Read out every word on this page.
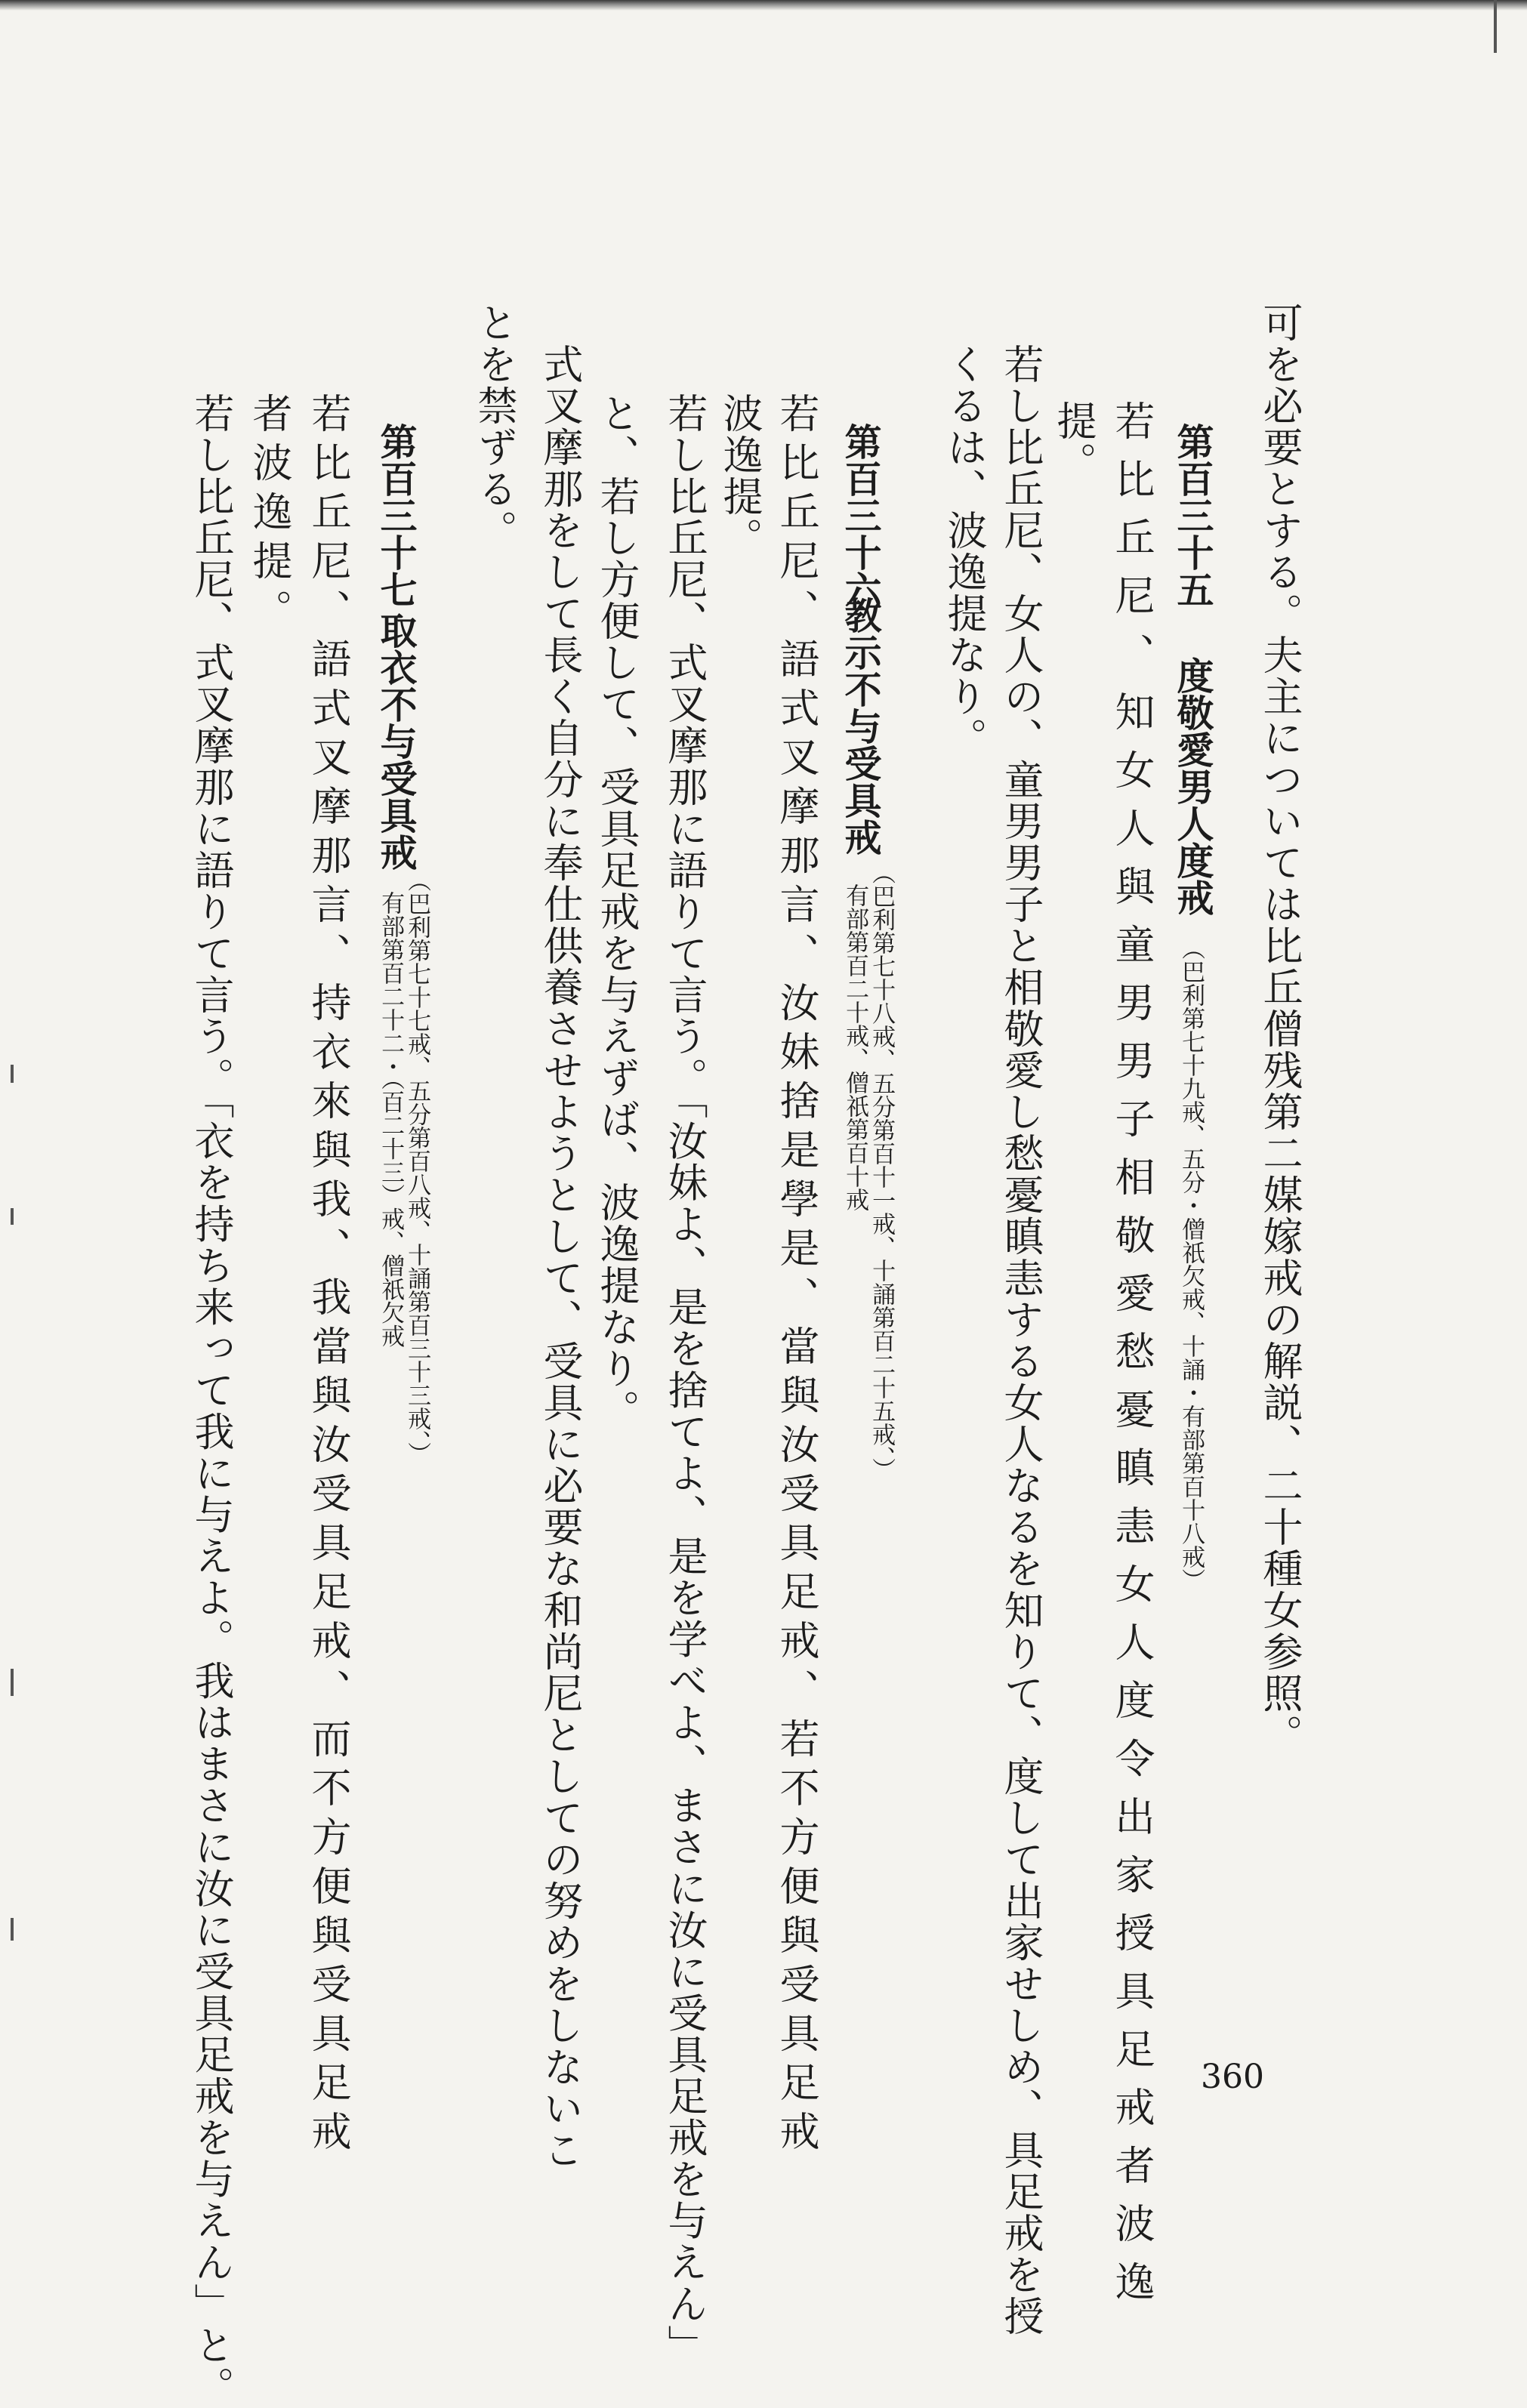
可を必要とする。夫主については比丘僧残第二媒嫁戒の解説、二十種女参照。
若比丘尼、知女人與童男男子相敬愛愁憂瞋恚女人度令出家授具足戒者波逸
提。
若し比丘尼、女人の、童男男子と相敬愛し愁憂瞋恚する女人なるを知りて、度して出家せしめ、具足戒を授
くるは、波逸提なり。
若比丘尼、語式叉摩那言、汝妹捨是學是、當與汝受具足戒、若不方便與受具足戒
波逸提。
若し比丘尼、式叉摩那に語りて言う。「汝妹よ、是を捨てよ、是を学べよ、まさに汝に受具足戒を与えん」
と、若し方便して、受具足戒を与えずば、波逸提なり。
式叉摩那をして長く自分に奉仕供養させようとして、受具に必要な和尚尼としての努めをしないこ
とを禁ずる。
若比丘尼、語式叉摩那言、持衣來與我、我當與汝受具足戒、而不方便與受具足戒
者波逸提。
若し比丘尼、式叉摩那に語りて言う。「衣を持ち来って我に与えよ。我はまさに汝に受具足戒を与えん」と。	第百三十五
度敬愛男人度戒
（巴利第七十九戒、五分・僧祇欠戒、十誦・有部第百十八戒）
第百三十六
教示不与受具戒
（巴利第七十八戒、五分第百十一戒、十誦第百二十五戒、）
有部第百二十戒、僧祇第百十戒
第百三十七
取衣不与受具戒
（巴利第七十七戒、五分第百八戒、十誦第百三十三戒、）
有部第百二十二・（百二十三）戒、僧祇欠戒
360
